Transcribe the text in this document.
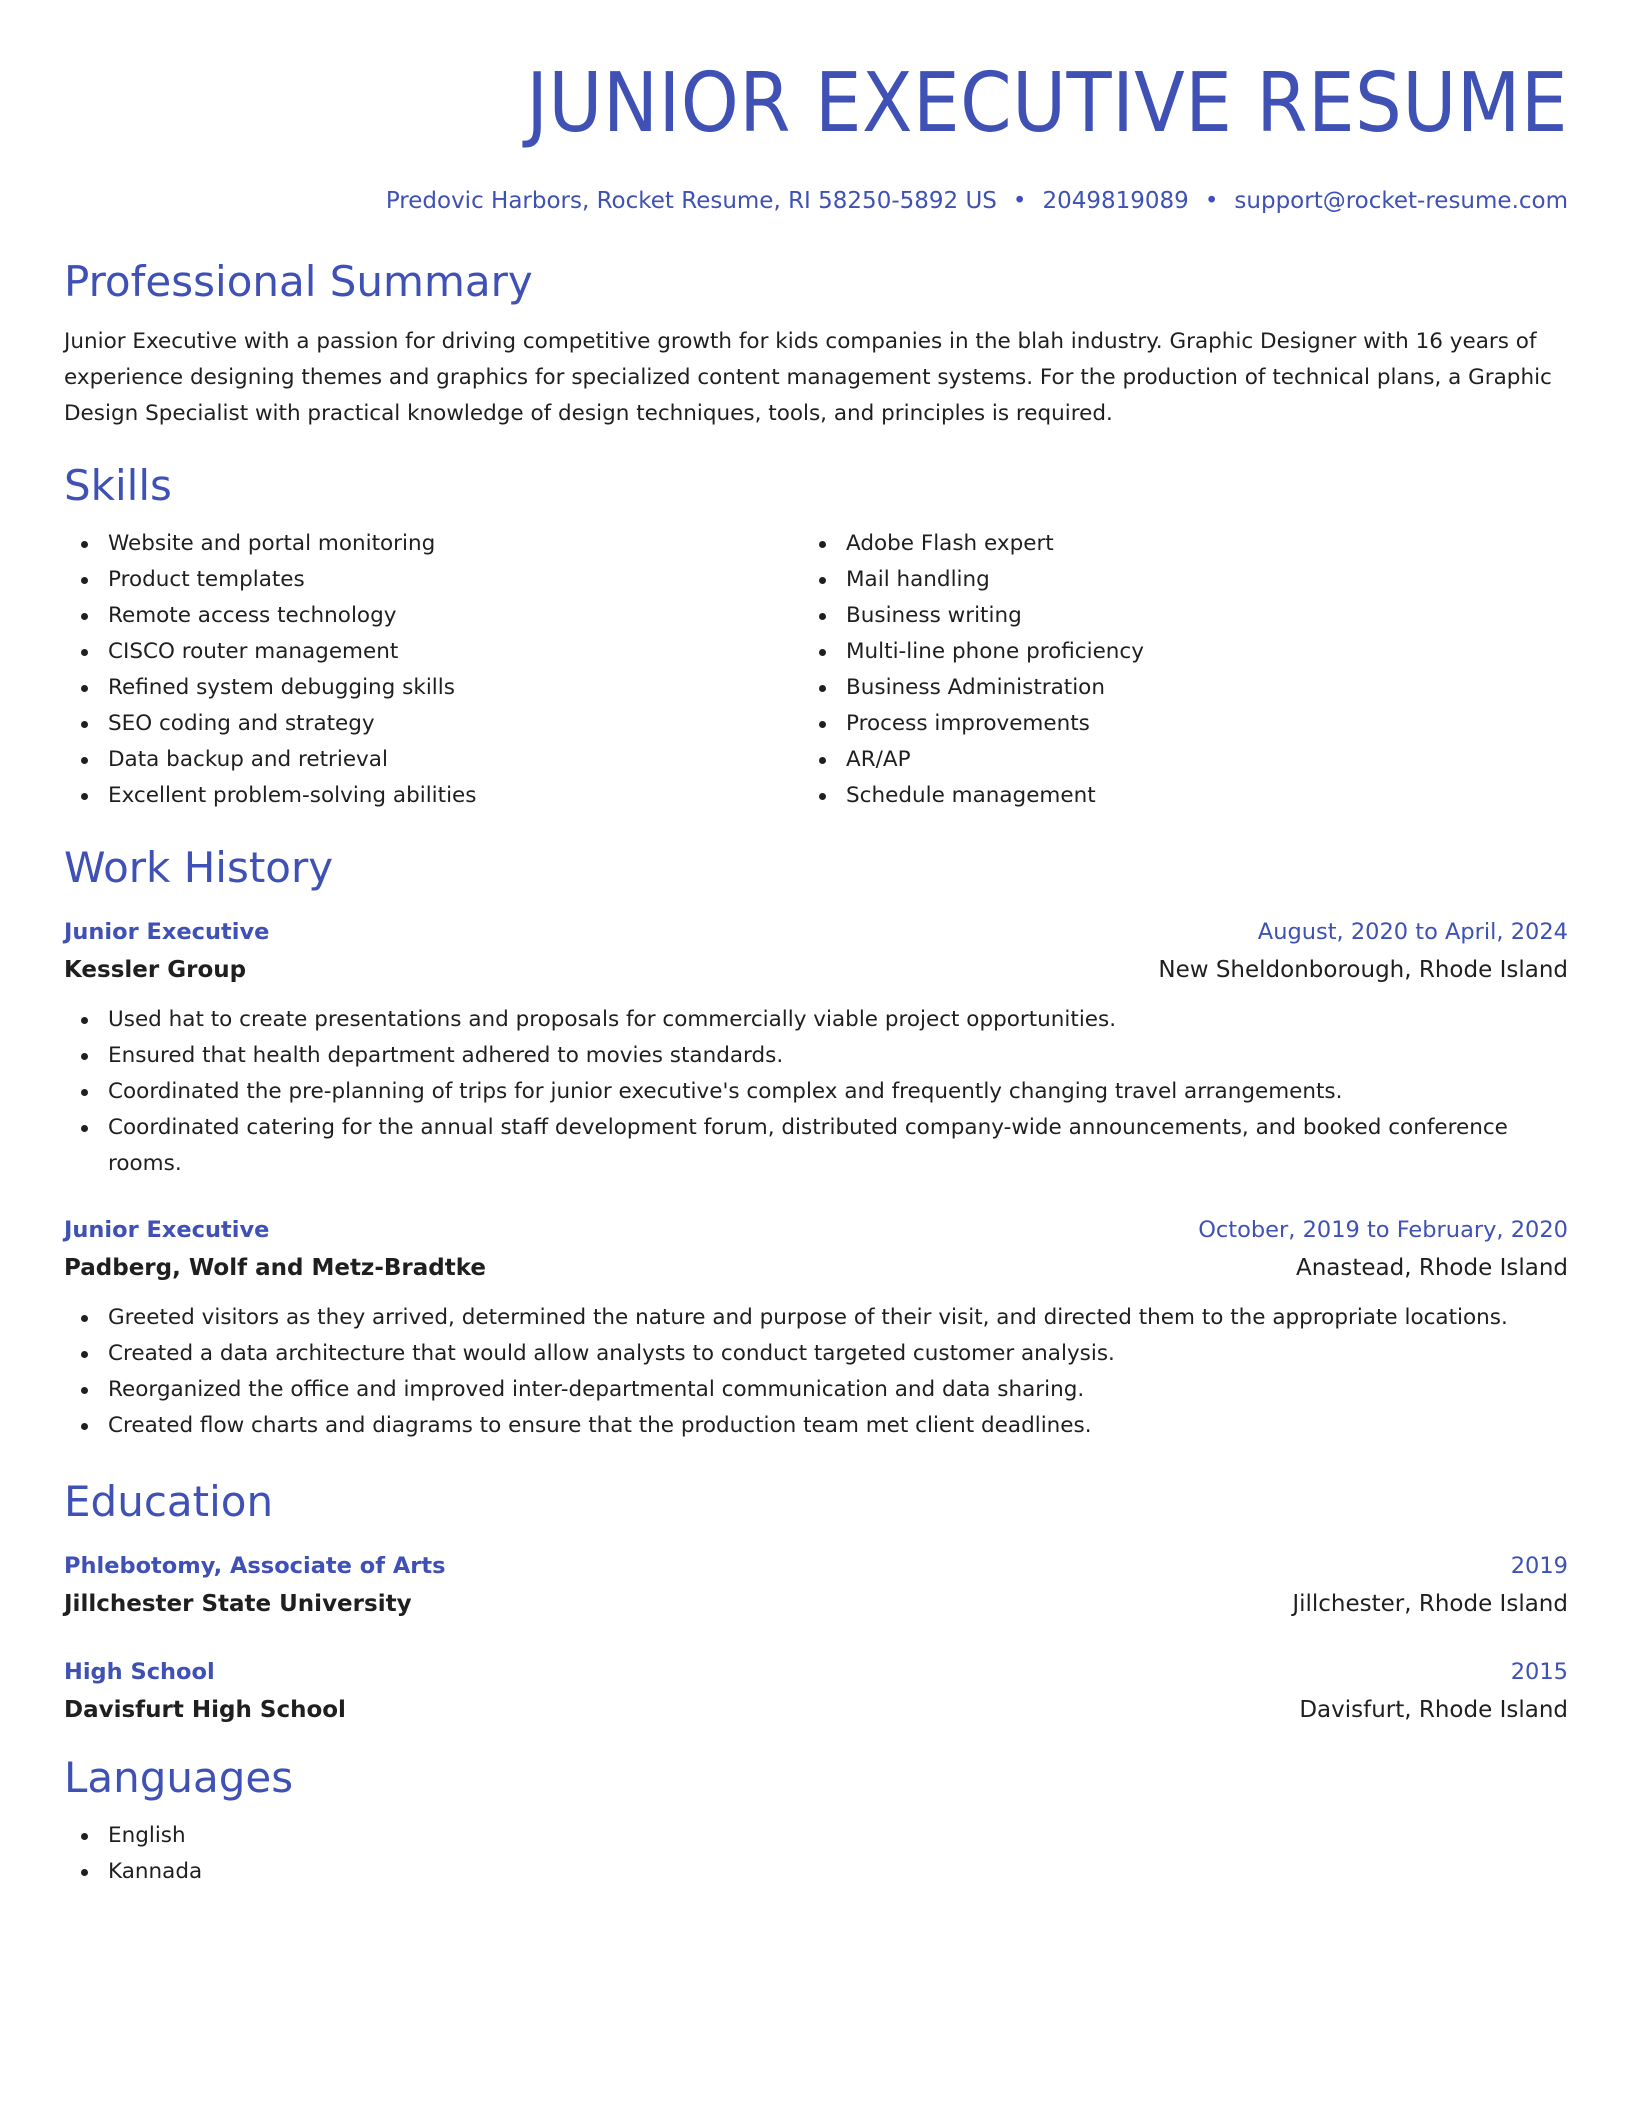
JUNIOR EXECUTIVE RESUME
Predovic Harbors, Rocket Resume, RI 58250-5892 US • 2049819089 • support@rocket-resume.com
Professional Summary

Junior Executive with a passion for driving competitive growth for kids companies in the blah industry. Graphic Designer with 16 years of experience designing themes and graphics for specialized content management systems. For the production of technical plans, a Graphic Design Specialist with practical knowledge of design techniques, tools, and principles is required.

Skills
Website and portal monitoring
Product templates
Remote access technology
CISCO router management
Refined system debugging skills
SEO coding and strategy
Data backup and retrieval
Excellent problem-solving abilities
Adobe Flash expert
Mail handling
Business writing
Multi-line phone proficiency
Business Administration
Process improvements
AR/AP
Schedule management
Work History
Junior Executive	August, 2020 to April, 2024
Kessler Group	New Sheldonborough, Rhode Island
Used hat to create presentations and proposals for commercially viable project opportunities.
Ensured that health department adhered to movies standards.
Coordinated the pre-planning of trips for junior executive's complex and frequently changing travel arrangements.
Coordinated catering for the annual staff development forum, distributed company-wide announcements, and booked conference rooms.
Junior Executive	October, 2019 to February, 2020
Padberg, Wolf and Metz-Bradtke	Anastead, Rhode Island
Greeted visitors as they arrived, determined the nature and purpose of their visit, and directed them to the appropriate locations.
Created a data architecture that would allow analysts to conduct targeted customer analysis.
Reorganized the office and improved inter-departmental communication and data sharing.
Created flow charts and diagrams to ensure that the production team met client deadlines.
Education
Phlebotomy, Associate of Arts	2019
Jillchester State University	Jillchester, Rhode Island
High School	2015
Davisfurt High School	Davisfurt, Rhode Island
Languages
English
Kannada
